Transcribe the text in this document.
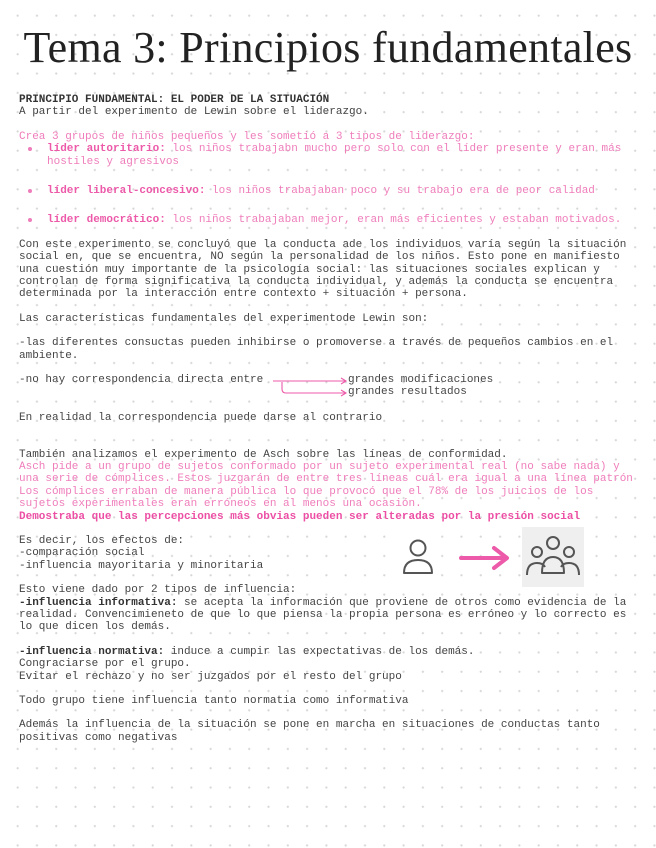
Tema 3: Principios fundamentales

PRINCIPIO FUNDAMENTAL: EL PODER DE LA SITUACIÓN

A partir del experimento de Lewin sobre el liderazgo.

Crea 3 grupos de niños pequeños y les sometió a 3 tipos de liderazgo:

líder autoritario: los niños trabajabn mucho pero solo con el líder presente y eran más hostiles y agresivos
líder liberal-concesivo: los niños trabajaban poco y su trabajo era de peor calidad
líder democrático: los niños trabajaban mejor, eran más eficientes y estaban motivados.

Con este experimento se concluyó que la conducta ade los individuos varía según la situación social en, que se encuentra, NO según la personalidad de los niños. Esto pone en manifiesto una cuestión muy importante de la psicología social: las situaciones sociales explican y controlan de forma significativa la conducta individual, y además la conducta se encuentra determinada por la interacción entre contexto + situación + persona.

Las características fundamentales del experimentode Lewin son:

-las diferentes consuctas pueden inhibirse o promoverse a través de pequeños cambios en el ambiente.

-no hay correspondencia directa entre	grandes modificaciones
grandes resultados

En realidad la correspondencia puede darse al contrario

También analizamos el experimento de Asch sobre las líneas de conformidad.

Asch pide a un grupo de sujetos conformado por un sujeto experimental real (no sabe nada) y una serie de cómplices. Estos juzgarán de entre tres líneas cuál era igual a una línea patrón Los cómplices erraban de manera pública lo que provocó que el 78% de los juicios de los sujetos experimentales eran erróneos en al menos una ocasión.

Demostraba que las percepciones más obvias pueden ser alteradas por la presión social

Es decir, los efectos de:

-comparación social

-influencia mayoritaria y minoritaria

Esto viene dado por 2 tipos de influencia:

-influencia informativa: se acepta la información que proviene de otros como evidencia de la realidad. Convencimieneto de que lo que piensa la propia persona es erróneo y lo correcto es lo que dicen los demás.

-influencia normativa: induce a cumpir las expectativas de los demás.

Congraciarse por el grupo.

Evitar el rechazo y no ser juzgados por el resto del grupo

Todo grupo tiene influencia tanto normatia como informativa

Además la influencia de la situación se pone en marcha en situaciones de conductas tanto positivas como negativas
